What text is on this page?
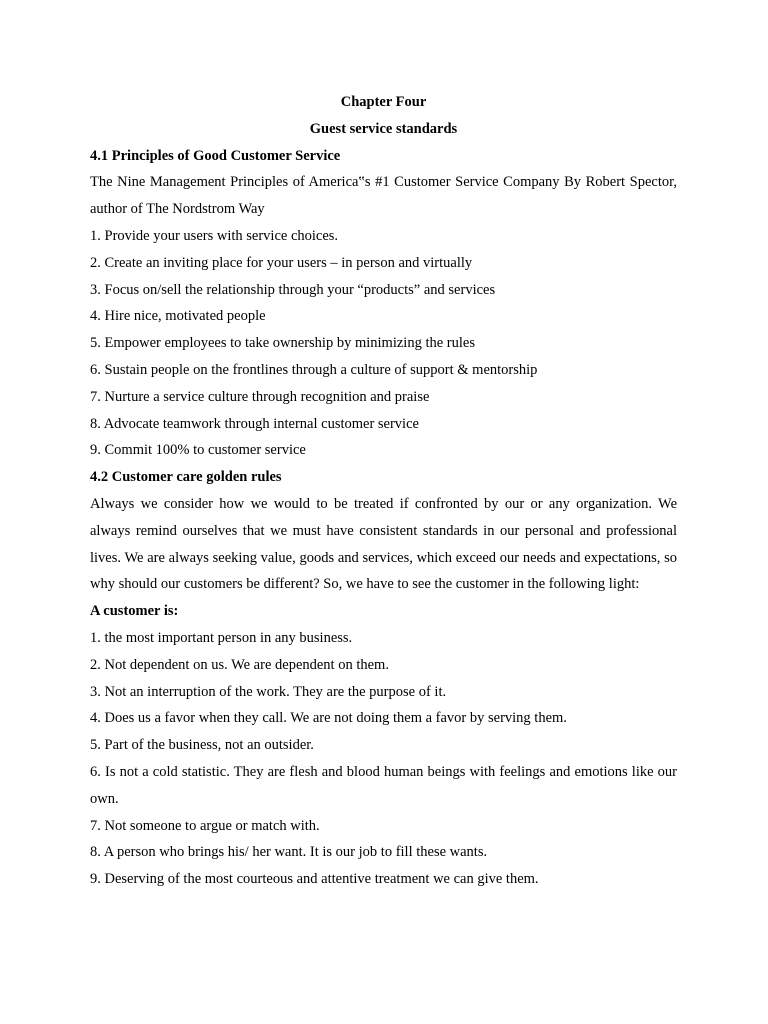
Chapter Four

Guest service standards

4.1 Principles of Good Customer Service

The Nine Management Principles of America‟s #1 Customer Service Company By Robert Spector, author of The Nordstrom Way

1. Provide your users with service choices.

2. Create an inviting place for your users – in person and virtually

3. Focus on/sell the relationship through your “products” and services

4. Hire nice, motivated people

5. Empower employees to take ownership by minimizing the rules

6. Sustain people on the frontlines through a culture of support & mentorship

7. Nurture a service culture through recognition and praise

8. Advocate teamwork through internal customer service

9. Commit 100% to customer service

4.2 Customer care golden rules

Always we consider how we would to be treated if confronted by our or any organization. We always remind ourselves that we must have consistent standards in our personal and professional lives. We are always seeking value, goods and services, which exceed our needs and expectations, so why should our customers be different? So, we have to see the customer in the following light:

A customer is:

1. the most important person in any business.

2. Not dependent on us. We are dependent on them.

3. Not an interruption of the work. They are the purpose of it.

4. Does us a favor when they call. We are not doing them a favor by serving them.

5. Part of the business, not an outsider.

6. Is not a cold statistic. They are flesh and blood human beings with feelings and emotions like our own.

7. Not someone to argue or match with.

8. A person who brings his/ her want. It is our job to fill these wants.

9. Deserving of the most courteous and attentive treatment we can give them.
